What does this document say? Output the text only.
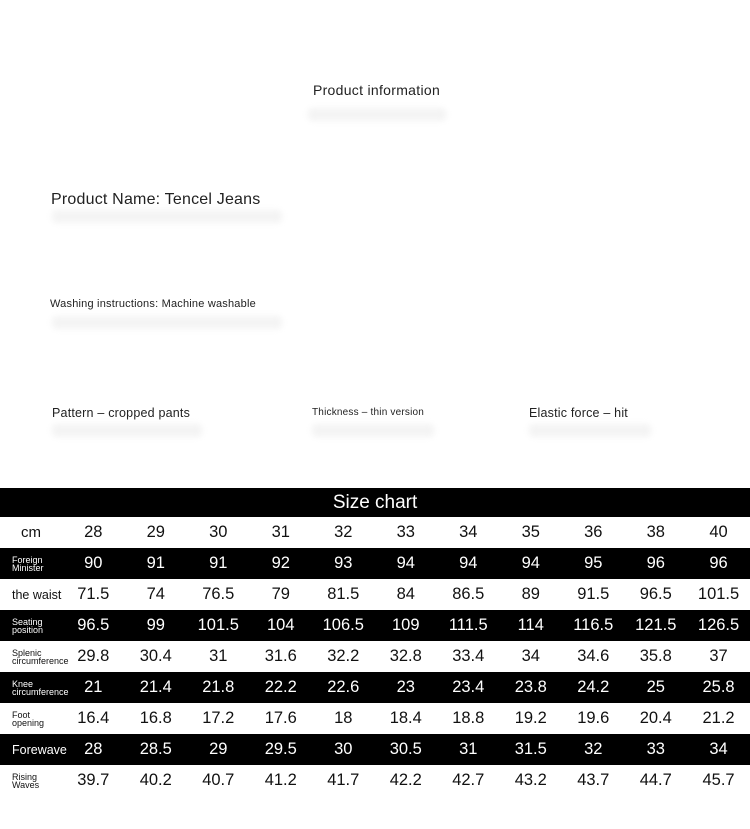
Product information
Product Name: Tencel Jeans
Washing instructions: Machine washable
Pattern – cropped pants	Thickness – thin version	Elastic force – hit
Size chart											
cm	28	29	30	31	32	33	34	35	36	38	40
Foreign Minister	90	91	91	92	93	94	94	94	95	96	96
the waist	71.5	74	76.5	79	81.5	84	86.5	89	91.5	96.5	101.5
Seating position	96.5	99	101.5	104	106.5	109	111.5	114	116.5	121.5	126.5
Splenic circumference	29.8	30.4	31	31.6	32.2	32.8	33.4	34	34.6	35.8	37
Knee circumference	21	21.4	21.8	22.2	22.6	23	23.4	23.8	24.2	25	25.8
Foot opening	16.4	16.8	17.2	17.6	18	18.4	18.8	19.2	19.6	20.4	21.2
Forewave	28	28.5	29	29.5	30	30.5	31	31.5	32	33	34
Rising Waves	39.7	40.2	40.7	41.2	41.7	42.2	42.7	43.2	43.7	44.7	45.7
